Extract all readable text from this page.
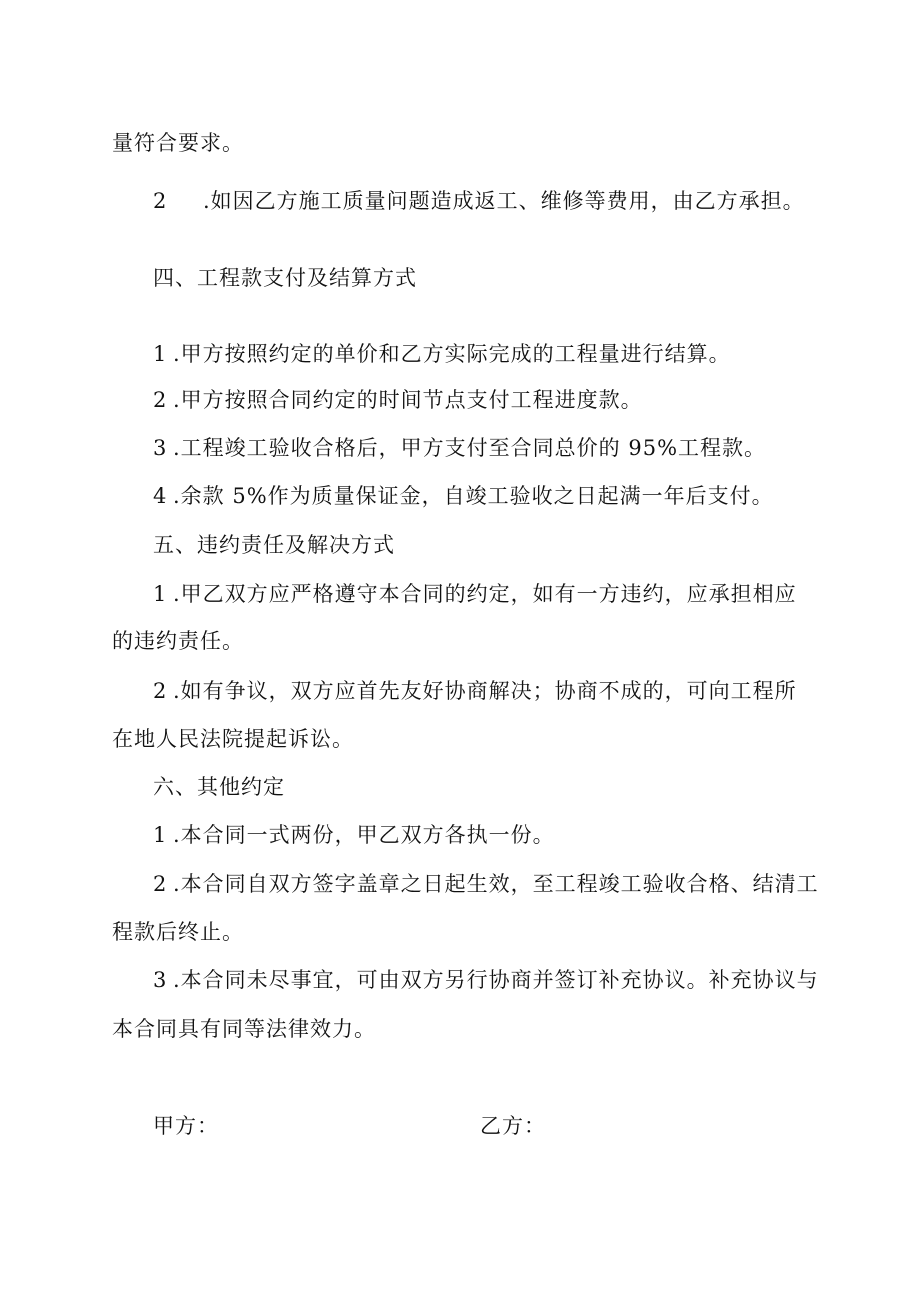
量符合要求。
2 .如因乙方施工质量问题造成返工、维修等费用，由乙方承担。
四、工程款支付及结算方式
1 .甲方按照约定的单价和乙方实际完成的工程量进行结算。
2 .甲方按照合同约定的时间节点支付工程进度款。
3 .工程竣工验收合格后，甲方支付至合同总价的 95%工程款。
4 .余款 5%作为质量保证金，自竣工验收之日起满一年后支付。
五、违约责任及解决方式
1 .甲乙双方应严格遵守本合同的约定，如有一方违约，应承担相应
的违约责任。
2 .如有争议，双方应首先友好协商解决；协商不成的，可向工程所
在地人民法院提起诉讼。
六、其他约定
1 .本合同一式两份，甲乙双方各执一份。
2 .本合同自双方签字盖章之日起生效，至工程竣工验收合格、结清工
程款后终止。
3 .本合同未尽事宜，可由双方另行协商并签订补充协议。补充协议与
本合同具有同等法律效力。
甲方：	乙方：
